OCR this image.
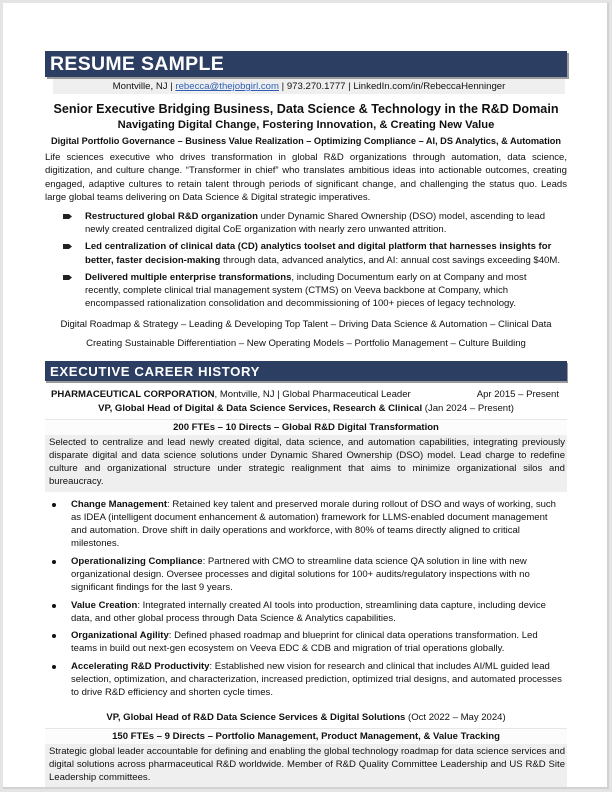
RESUME SAMPLE
Montville, NJ | rebecca@thejobgirl.com | 973.270.1777 | LinkedIn.com/in/RebeccaHenninger
Senior Executive Bridging Business, Data Science & Technology in the R&D Domain
Navigating Digital Change, Fostering Innovation, & Creating New Value
Digital Portfolio Governance – Business Value Realization – Optimizing Compliance – AI, DS Analytics, & Automation
Life sciences executive who drives transformation in global R&D organizations through automation, data science, digitization, and culture change. “Transformer in chief” who translates ambitious ideas into actionable outcomes, creating engaged, adaptive cultures to retain talent through periods of significant change, and challenging the status quo. Leads large global teams delivering on Data Science & Digital strategic imperatives.
Restructured global R&D organization under Dynamic Shared Ownership (DSO) model, ascending to lead newly created centralized digital CoE organization with nearly zero unwanted attrition.
Led centralization of clinical data (CD) analytics toolset and digital platform that harnesses insights for better, faster decision-making through data, advanced analytics, and AI: annual cost savings exceeding $40M.
Delivered multiple enterprise transformations, including Documentum early on at Company and most recently, complete clinical trial management system (CTMS) on Veeva backbone at Company, which encompassed rationalization consolidation and decommissioning of 100+ pieces of legacy technology.
Digital Roadmap & Strategy – Leading & Developing Top Talent – Driving Data Science & Automation – Clinical Data
Creating Sustainable Differentiation – New Operating Models – Portfolio Management – Culture Building
EXECUTIVE CAREER HISTORY
PHARMACEUTICAL CORPORATION, Montville, NJ | Global Pharmaceutical Leader	Apr 2015 – Present
VP, Global Head of Digital & Data Science Services, Research & Clinical (Jan 2024 – Present)
200 FTEs – 10 Directs – Global R&D Digital Transformation
Selected to centralize and lead newly created digital, data science, and automation capabilities, integrating previously disparate digital and data science solutions under Dynamic Shared Ownership (DSO) model. Lead charge to redefine culture and organizational structure under strategic realignment that aims to minimize organizational silos and bureaucracy.
Change Management: Retained key talent and preserved morale during rollout of DSO and ways of working, such as IDEA (intelligent document enhancement & automation) framework for LLMS-enabled document management and automation. Drove shift in daily operations and workforce, with 80% of teams directly aligned to critical milestones.
Operationalizing Compliance: Partnered with CMO to streamline data science QA solution in line with new organizational design. Oversee processes and digital solutions for 100+ audits/regulatory inspections with no significant findings for the last 9 years.
Value Creation: Integrated internally created AI tools into production, streamlining data capture, including device data, and other global process through Data Science & Analytics capabilities.
Organizational Agility: Defined phased roadmap and blueprint for clinical data operations transformation. Led teams in build out next-gen ecosystem on Veeva EDC & CDB and migration of trial operations globally.
Accelerating R&D Productivity: Established new vision for research and clinical that includes AI/ML guided lead selection, optimization, and characterization, increased prediction, optimized trial designs, and automated processes to drive R&D efficiency and shorten cycle times.
VP, Global Head of R&D Data Science Services & Digital Solutions (Oct 2022 – May 2024)
150 FTEs – 9 Directs – Portfolio Management, Product Management, & Value Tracking
Strategic global leader accountable for defining and enabling the global technology roadmap for data science services and digital solutions across pharmaceutical R&D worldwide. Member of R&D Quality Committee Leadership and US R&D Site Leadership committees.
